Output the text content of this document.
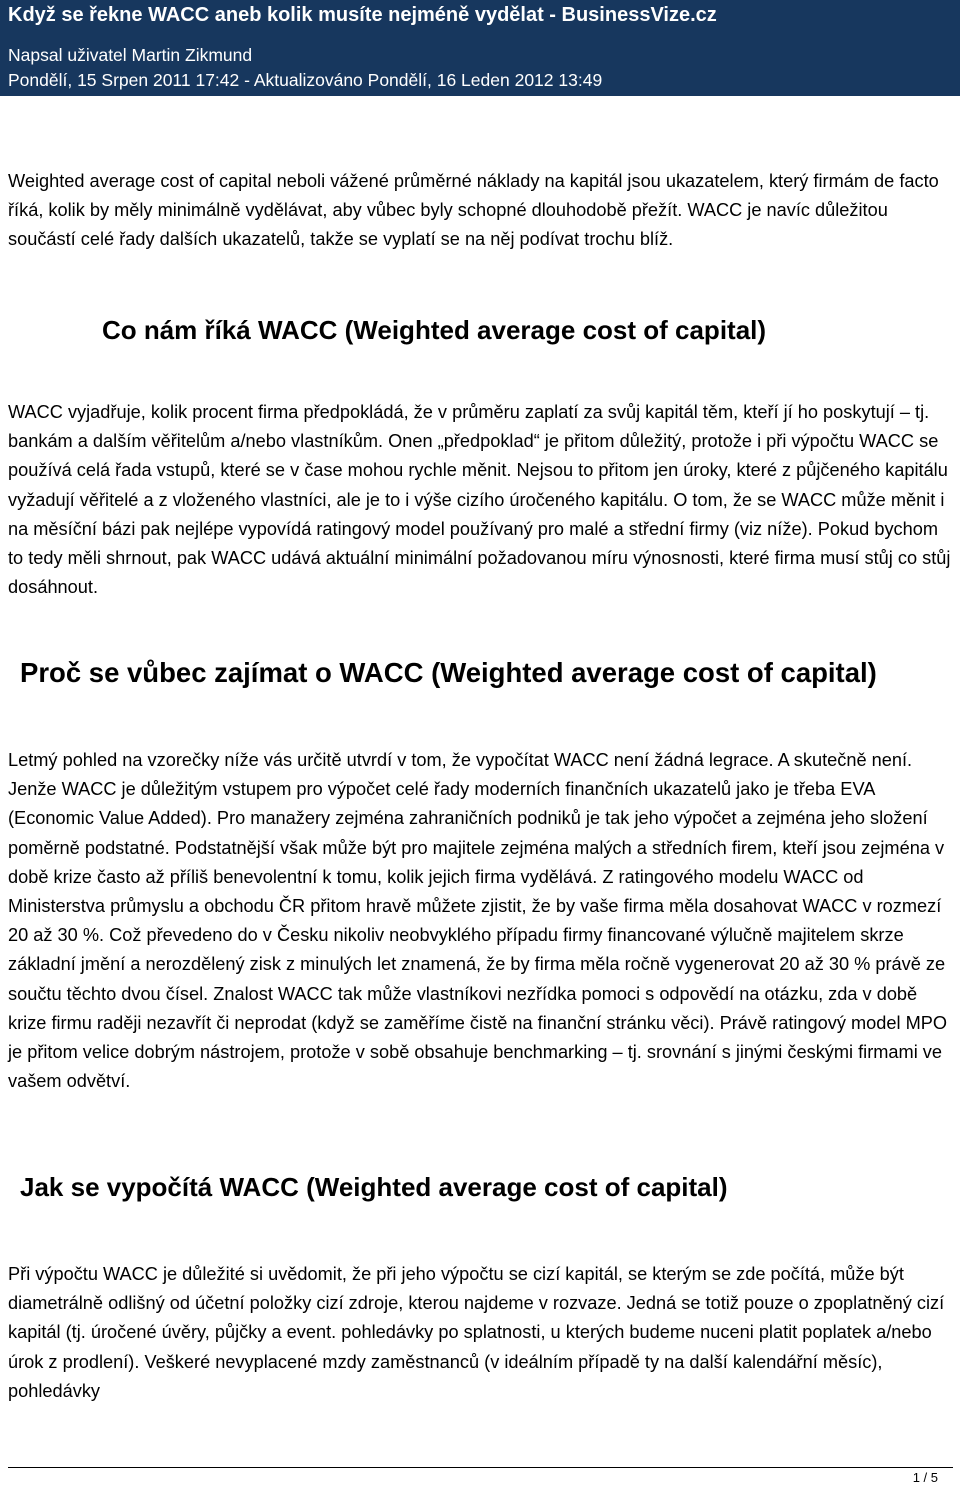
Když se řekne WACC aneb kolik musíte nejméně vydělat - BusinessVize.cz
Napsal uživatel Martin Zikmund
Pondělí, 15 Srpen 2011 17:42 - Aktualizováno Pondělí, 16 Leden 2012 13:49

Weighted average cost of capital neboli vážené průměrné náklady na kapitál jsou ukazatelem, který firmám de facto říká, kolik by měly minimálně vydělávat, aby vůbec byly schopné dlouhodobě přežít. WACC je navíc důležitou součástí celé řady dalších ukazatelů, takže se vyplatí se na něj podívat trochu blíž.

Co nám říká WACC (Weighted average cost of capital)

WACC vyjadřuje, kolik procent firma předpokládá, že v průměru zaplatí za svůj kapitál těm, kteří jí ho poskytují – tj. bankám a dalším věřitelům a/nebo vlastníkům. Onen „předpoklad“ je přitom důležitý, protože i při výpočtu WACC se používá celá řada vstupů, které se v čase mohou rychle měnit. Nejsou to přitom jen úroky, které z půjčeného kapitálu vyžadují věřitelé a z vloženého vlastníci, ale je to i výše cizího úročeného kapitálu. O tom, že se WACC může měnit i na měsíční bázi pak nejlépe vypovídá ratingový model používaný pro malé a střední firmy (viz níže). Pokud bychom to tedy měli shrnout, pak WACC udává aktuální minimální požadovanou míru výnosnosti, které firma musí stůj co stůj dosáhnout.

Proč se vůbec zajímat o WACC (Weighted average cost of capital)

Letmý pohled na vzorečky níže vás určitě utvrdí v tom, že vypočítat WACC není žádná legrace. A skutečně není. Jenže WACC je důležitým vstupem pro výpočet celé řady moderních finančních ukazatelů jako je třeba EVA (Economic Value Added). Pro manažery zejména zahraničních podniků je tak jeho výpočet a zejména jeho složení poměrně podstatné. Podstatnější však může být pro majitele zejména malých a středních firem, kteří jsou zejména v době krize často až příliš benevolentní k tomu, kolik jejich firma vydělává. Z ratingového modelu WACC od Ministerstva průmyslu a obchodu ČR přitom hravě můžete zjistit, že by vaše firma měla dosahovat WACC v rozmezí 20 až 30 %. Což převedeno do v Česku nikoliv neobvyklého případu firmy financované výlučně majitelem skrze základní jmění a nerozdělený zisk z minulých let znamená, že by firma měla ročně vygenerovat 20 až 30 % právě ze součtu těchto dvou čísel. Znalost WACC tak může vlastníkovi nezřídka pomoci s odpovědí na otázku, zda v době krize firmu raději nezavřít či neprodat (když se zaměříme čistě na finanční stránku věci). Právě ratingový model MPO je přitom velice dobrým nástrojem, protože v sobě obsahuje benchmarking – tj. srovnání s jinými českými firmami ve vašem odvětví.

Jak se vypočítá WACC (Weighted average cost of capital)

Při výpočtu WACC je důležité si uvědomit, že při jeho výpočtu se cizí kapitál, se kterým se zde počítá, může být diametrálně odlišný od účetní položky cizí zdroje, kterou najdeme v rozvaze. Jedná se totiž pouze o zpoplatněný cizí kapitál (tj. úročené úvěry, půjčky a event. pohledávky po splatnosti, u kterých budeme nuceni platit poplatek a/nebo úrok z prodlení). Veškeré nevyplacené mzdy zaměstnanců (v ideálním případě ty na další kalendářní měsíc), pohledávky

1 / 5
